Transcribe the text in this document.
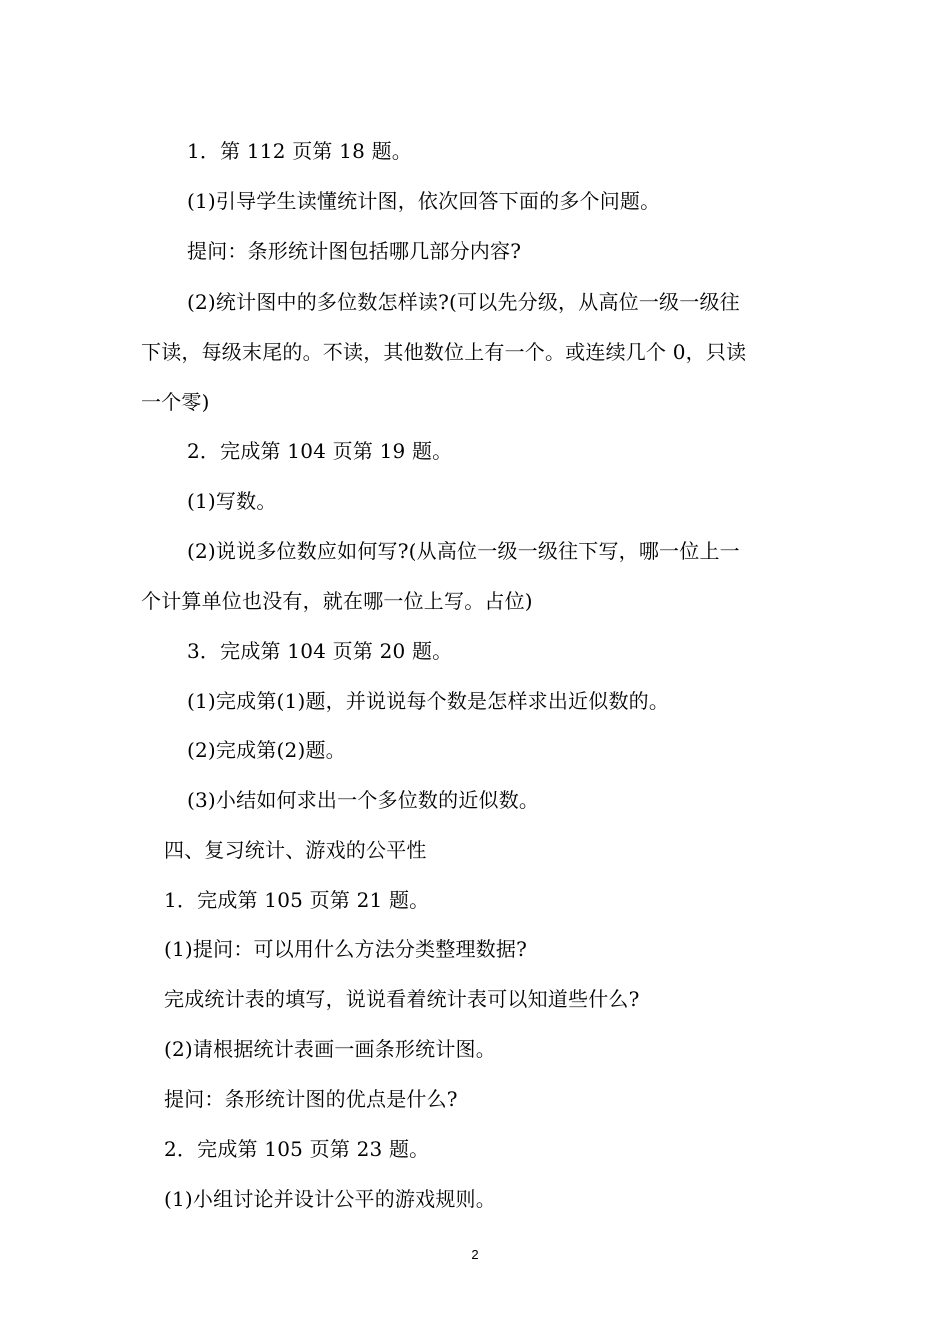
1．第 112 页第 18 题。
(1)引导学生读懂统计图，依次回答下面的多个问题。
提问：条形统计图包括哪几部分内容?
(2)统计图中的多位数怎样读?(可以先分级，从高位一级一级往
下读，每级末尾的。不读，其他数位上有一个。或连续几个 0，只读
一个零)
2．完成第 104 页第 19 题。
(1)写数。
(2)说说多位数应如何写?(从高位一级一级往下写，哪一位上一
个计算单位也没有，就在哪一位上写。占位)
3．完成第 104 页第 20 题。
(1)完成第(1)题，并说说每个数是怎样求出近似数的。
(2)完成第(2)题。
(3)小结如何求出一个多位数的近似数。
四、复习统计、游戏的公平性
1．完成第 105 页第 21 题。
(1)提问：可以用什么方法分类整理数据?
完成统计表的填写，说说看着统计表可以知道些什么?
(2)请根据统计表画一画条形统计图。
提问：条形统计图的优点是什么?
2．完成第 105 页第 23 题。
(1)小组讨论并设计公平的游戏规则。
2
